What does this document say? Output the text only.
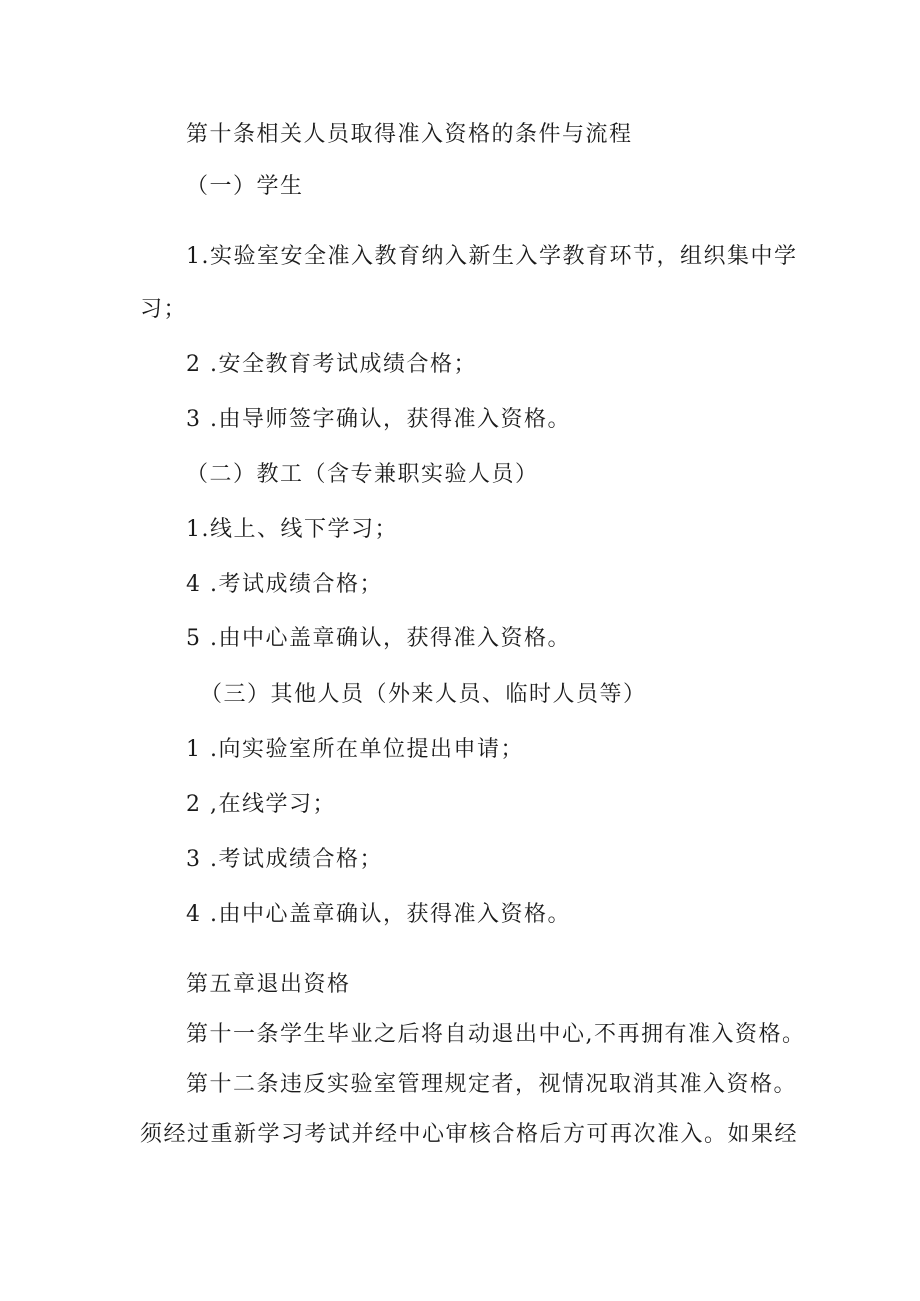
第十条相关人员取得准入资格的条件与流程
（一）学生
1.实验室安全准入教育纳入新生入学教育环节，组织集中学
习；
2 .安全教育考试成绩合格；
3 .由导师签字确认，获得准入资格。
（二）教工（含专兼职实验人员）
1.线上、线下学习；
4 .考试成绩合格；
5 .由中心盖章确认，获得准入资格。
（三）其他人员（外来人员、临时人员等）
1 .向实验室所在单位提出申请；
2 ,在线学习；
3 .考试成绩合格；
4 .由中心盖章确认，获得准入资格。
第五章退出资格
第十一条学生毕业之后将自动退出中心,不再拥有准入资格。
第十二条违反实验室管理规定者，视情况取消其准入资格。
须经过重新学习考试并经中心审核合格后方可再次准入。如果经
